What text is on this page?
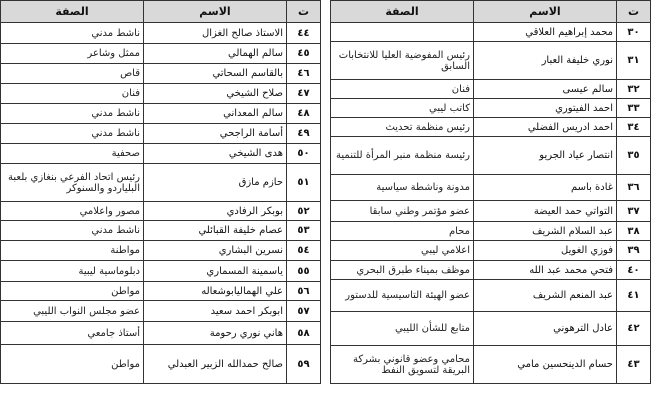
ت	الاسم	الصفة
٤٤	الاستاذ صالح الغزال	ناشط مدني
٤٥	سالم الهمالي	ممثل وشاعر
٤٦	بالقاسم السحاتي	قاص
٤٧	صلاح الشيخي	فنان
٤٨	سالم المعداني	ناشط مدني
٤٩	أسامة الراجحي	ناشط مدني
٥٠	هدى الشيخي	صحفية
٥١	حازم مازق	رئيس اتحاد الفرعي بنغازي بلعبة البلياردو والسنوكر
٥٢	بوبكر الرفادي	مصور واعلامي
٥٣	عصام خليفة القبائلي	ناشط مدني
٥٤	نسرين البشاري	مواطنة
٥٥	ياسمينة المسماري	دبلوماسية ليبية
٥٦	علي الهماليابوشعاله	مواطن
٥٧	ابوبكر احمد سعيد	عضو مجلس النواب الليبي
٥٨	هاني نوري رحومة	أستاذ جامعي
٥٩	صالح حمدالله الزبير العبدلي	مواطن
ت	الاسم	الصفة
٣٠	محمد إبراهيم العلاقي	
٣١	نوري خليفة العبار	رئيس المفوضية العليا للانتخابات السابق
٣٢	سالم عيسى	فنان
٣٣	احمد الفيتوري	كاتب ليبي
٣٤	احمد ادريس الفضلي	رئيس منظمة تحديث
٣٥	انتصار عياد الجريو	رئيسة منظمة منبر المرأة للتنمية
٣٦	غادة باسم	مدونة وناشطة سياسية
٣٧	التواتي حمد العيضة	عضو مؤتمر وطني سابقا
٣٨	عبد السلام الشريف	محام
٣٩	فوزي الغويل	اعلامي ليبي
٤٠	فتحي محمد عبد الله	موظف بميناء طبرق البحري
٤١	عبد المنعم الشريف	عضو الهيئة التاسيسية للدستور
٤٢	عادل الترهوني	متابع للشأن الليبي
٤٣	حسام الدينحسين مامي	محامي وعضو قانوني بشركة البريقة لتسويق النفط
